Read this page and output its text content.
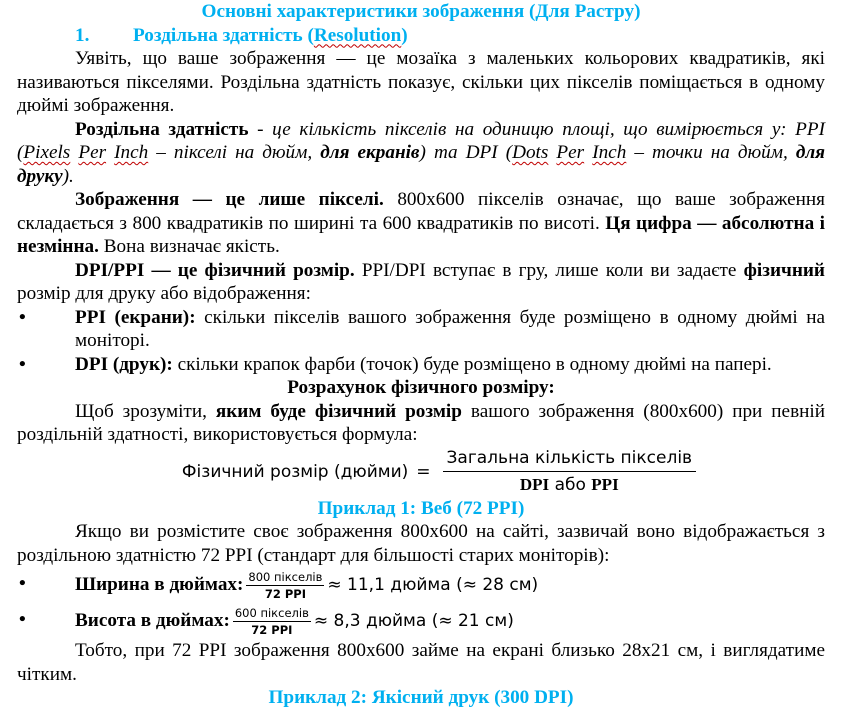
Основні характеристики зображення (Для Растру)

1. Роздільна здатність (Resolution)

Уявіть, що ваше зображення — це мозаїка з маленьких кольорових квадратиків, які називаються пікселями. Роздільна здатність показує, скільки цих пікселів поміщається в одному дюймі зображення.

Роздільна здатність - це кількість пікселів на одиницю площі, що вимірюється у: PPI (Pixels Per Inch – пікселі на дюйм, для екранів) та DPI (Dots Per Inch – точки на дюйм, для друку).

Зображення — це лише пікселі. 800х600 пікселів означає, що ваше зображення складається з 800 квадратиків по ширині та 600 квадратиків по висоті. Ця цифра — абсолютна і незмінна. Вона визначає якість.

DPI/PPI — це фізичний розмір. PPI/DPI вступає в гру, лише коли ви задаєте фізичний розмір для друку або відображення:

•	PPI (екрани): скільки пікселів вашого зображення буде розміщено в одному дюймі на моніторі.

•	DPI (друк): скільки крапок фарби (точок) буде розміщено в одному дюймі на папері.

Розрахунок фізичного розміру:

Щоб зрозуміти, яким буде фізичний розмір вашого зображення (800х600) при певній роздільній здатності, використовується формула:

Фізичний розмір (дюйми) = $\frac{\text{Загальна кількість пікселів}}{\text{DPI або PPI}}$

Приклад 1: Веб (72 PPI)

Якщо ви розмістите своє зображення 800х600 на сайті, зазвичай воно відображається з роздільною здатністю 72 PPI (стандарт для більшості старих моніторів):

•	Ширина в дюймах: $\frac{\text{800 пікселів}}{\text{72 PPI}} \approx 11,1$ дюйма (≈ 28 см)
•	Висота в дюймах: $\frac{\text{600 пікселів}}{\text{72 PPI}} \approx 8,3$ дюйма (≈ 21 см)

Тобто, при 72 PPI зображення 800х600 займе на екрані близько 28х21 см, і виглядатиме чітким.

Приклад 2: Якісний друк (300 DPI)
